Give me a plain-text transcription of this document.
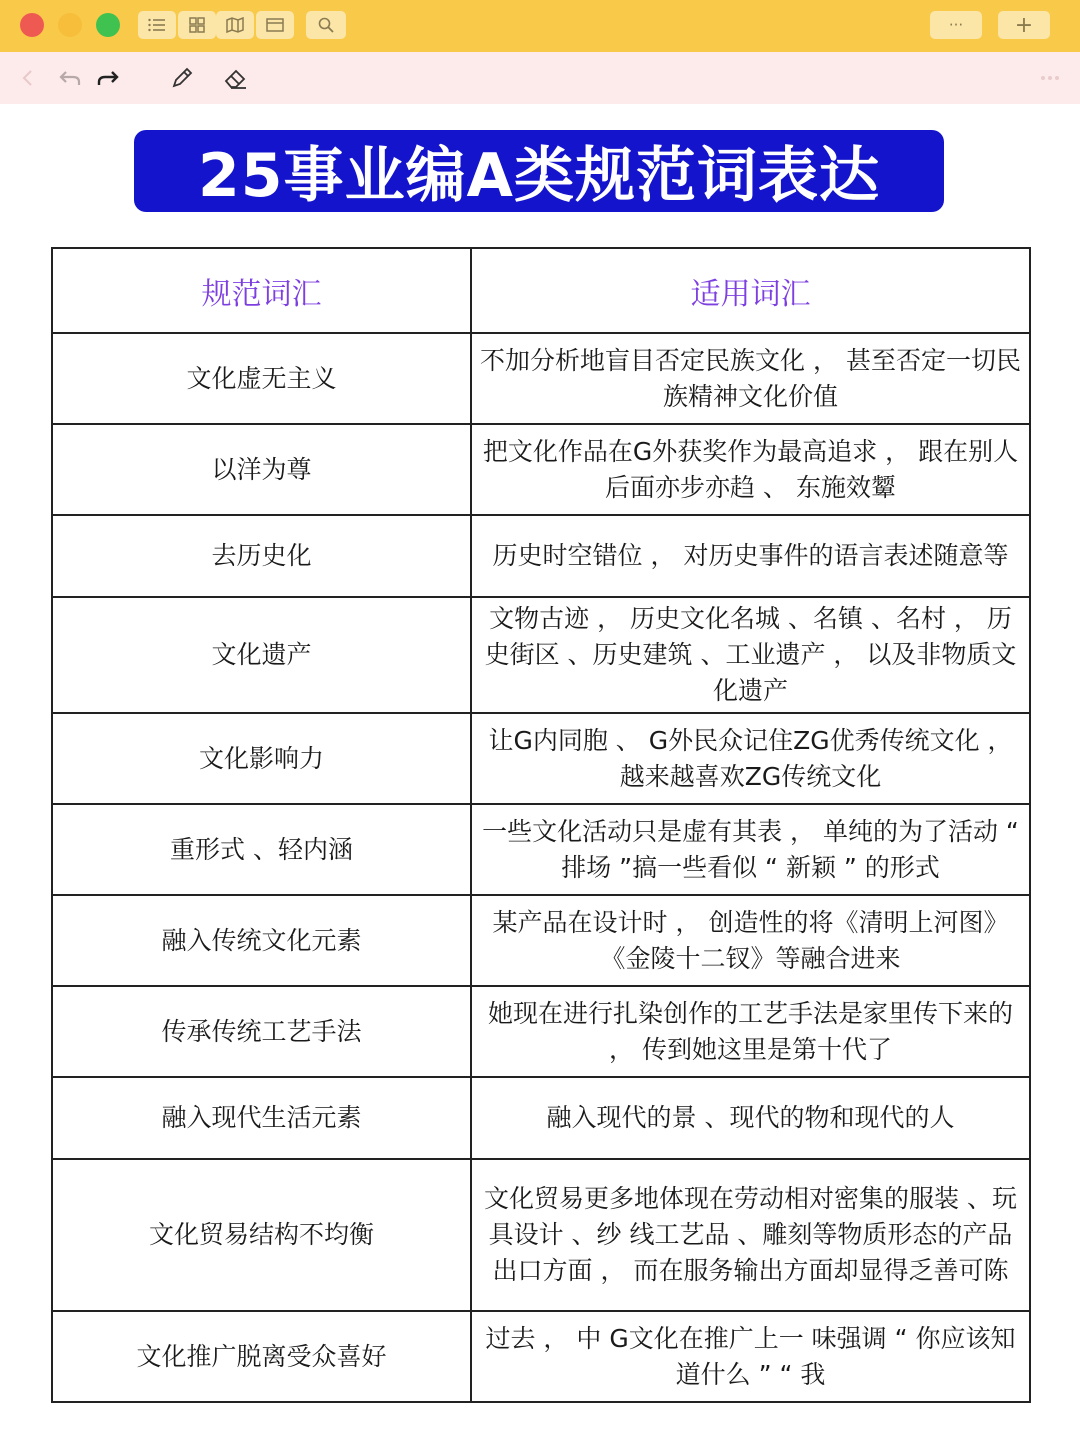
···	+
25事业编A类规范词表达
规范词汇	适用词汇
文化虚无主义	不加分析地盲目否定民族文化 ， 甚至否定一切民族精神文化价值
以洋为尊	把文化作品在G外获奖作为最高追求 ， 跟在别人后面亦步亦趋 、 东施效颦
去历史化	历史时空错位 ， 对历史事件的语言表述随意等
文化遗产	文物古迹 ， 历史文化名城 、名镇 、名村 ， 历史街区 、历史建筑 、工业遗产 ， 以及非物质文化遗产
文化影响力	让G内同胞 、 G外民众记住ZG优秀传统文化 ， 越来越喜欢ZG传统文化
重形式 、轻内涵	一些文化活动只是虚有其表 ， 单纯的为了活动 “ 排场 ”搞一些看似 “ 新颖 ” 的形式
融入传统文化元素	某产品在设计时 ， 创造性的将《清明上河图》《金陵十二钗》等融合进来
传承传统工艺手法	她现在进行扎染创作的工艺手法是家里传下来的 ， 传到她这里是第十代了
融入现代生活元素	融入现代的景 、现代的物和现代的人
文化贸易结构不均衡	文化贸易更多地体现在劳动相对密集的服装 、玩具设计 、纱 线工艺品 、雕刻等物质形态的产品出口方面 ， 而在服务输出方面却显得乏善可陈
文化推广脱离受众喜好	过去 ， 中 G文化在推广上一 味强调 “ 你应该知道什么 ” “ 我
